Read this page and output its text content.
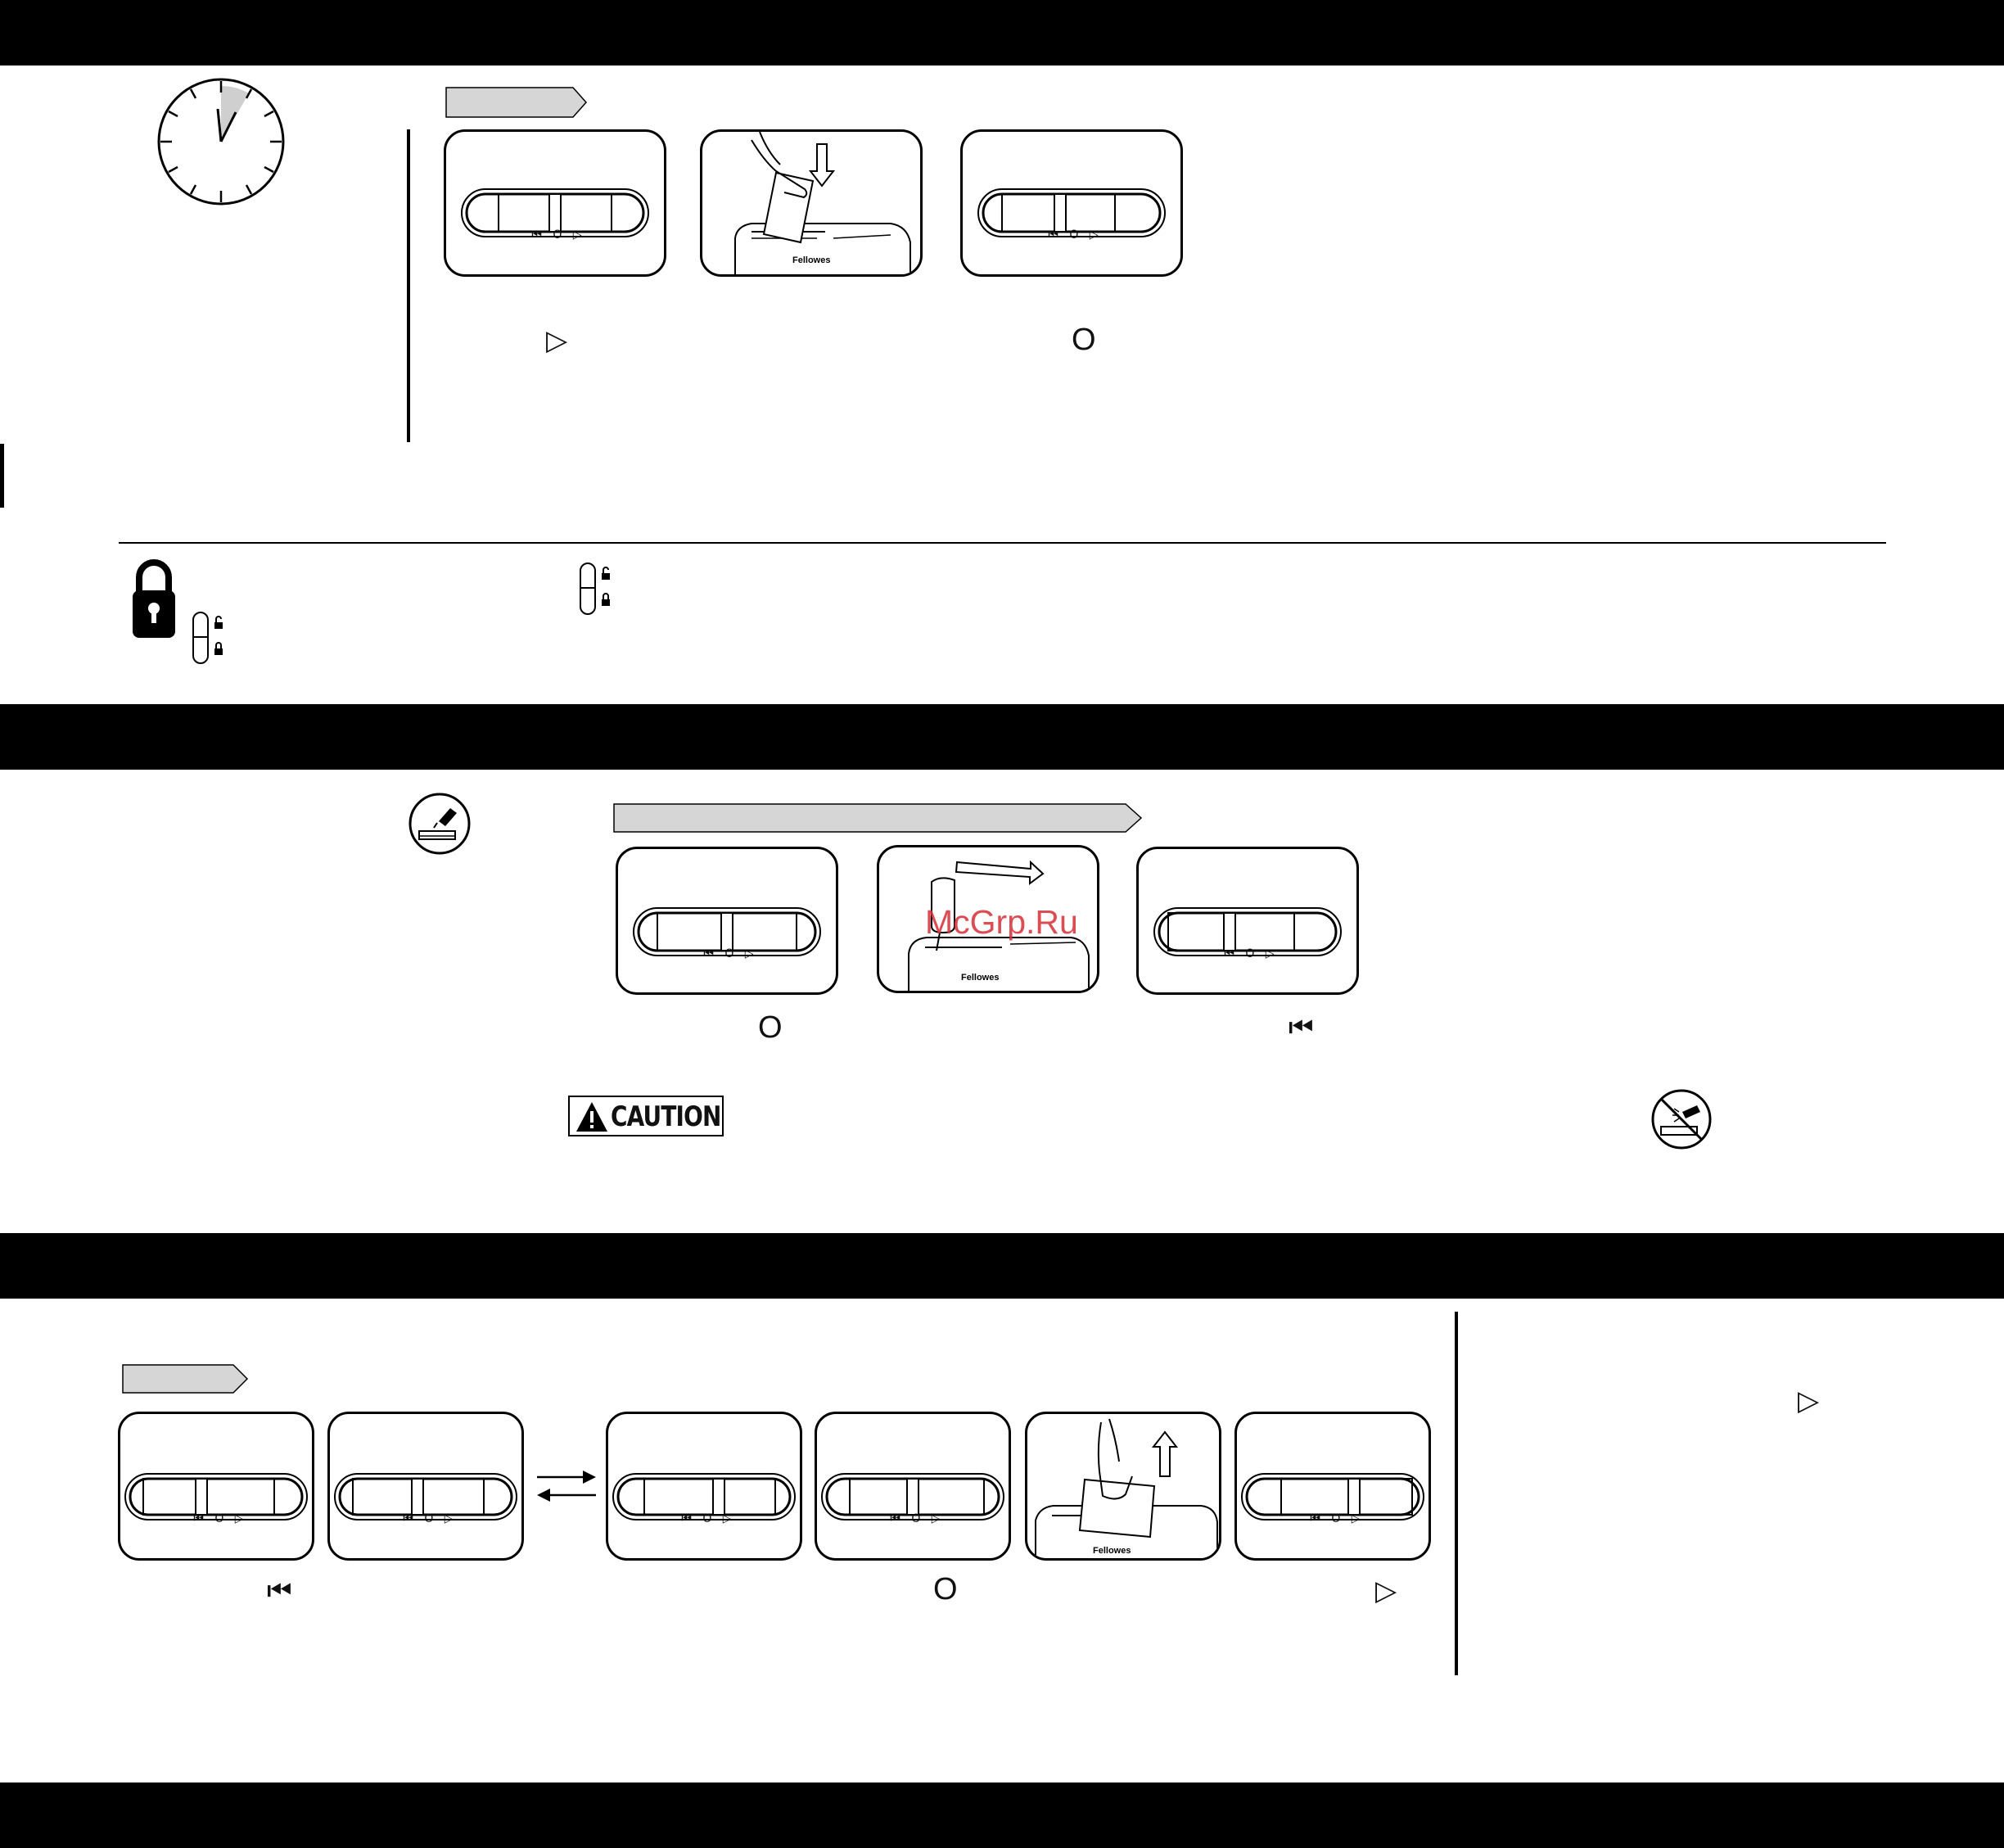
⏮ O ▷
Fellowes
⏮ O ▷
▷	O
⏮ O ▷
Fellowes
⏮ O ▷
McGrp.Ru
O	⏮
CAUTION
⏮ O ▷	⏮ O ▷	⏮ O ▷	⏮ O ▷
Fellowes
⏮ O ▷
⏮	O	▷
▷
